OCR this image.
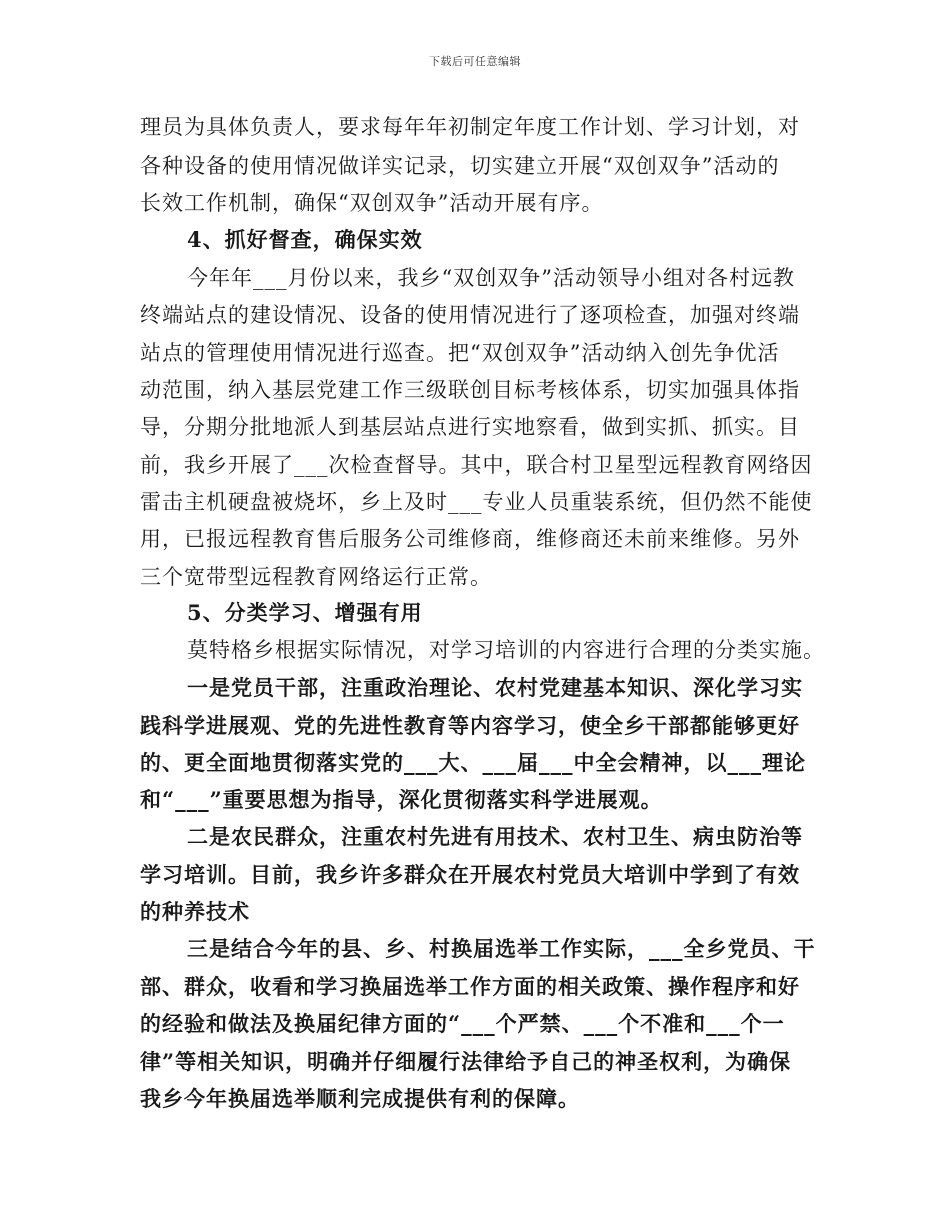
下载后可任意编辑
理员为具体负责人，要求每年年初制定年度工作计划、学习计划，对
各种设备的使用情况做详实记录，切实建立开展“双创双争”活动的
长效工作机制，确保“双创双争”活动开展有序。
4、抓好督查，确保实效
今年年___月份以来，我乡“双创双争”活动领导小组对各村远教
终端站点的建设情况、设备的使用情况进行了逐项检查，加强对终端
站点的管理使用情况进行巡查。把“双创双争”活动纳入创先争优活
动范围，纳入基层党建工作三级联创目标考核体系，切实加强具体指
导，分期分批地派人到基层站点进行实地察看，做到实抓、抓实。目
前，我乡开展了___次检查督导。其中，联合村卫星型远程教育网络因
雷击主机硬盘被烧坏，乡上及时___专业人员重装系统，但仍然不能使
用，已报远程教育售后服务公司维修商，维修商还未前来维修。另外
三个宽带型远程教育网络运行正常。
5、分类学习、增强有用
莫特格乡根据实际情况，对学习培训的内容进行合理的分类实施。
一是党员干部，注重政治理论、农村党建基本知识、深化学习实
践科学进展观、党的先进性教育等内容学习，使全乡干部都能够更好
的、更全面地贯彻落实党的___大、___届___中全会精神，以___理论
和“___”重要思想为指导，深化贯彻落实科学进展观。
二是农民群众，注重农村先进有用技术、农村卫生、病虫防治等
学习培训。目前，我乡许多群众在开展农村党员大培训中学到了有效
的种养技术
三是结合今年的县、乡、村换届选举工作实际，___全乡党员、干
部、群众，收看和学习换届选举工作方面的相关政策、操作程序和好
的经验和做法及换届纪律方面的“___个严禁、___个不准和___个一
律”等相关知识，明确并仔细履行法律给予自己的神圣权利，为确保
我乡今年换届选举顺利完成提供有利的保障。
